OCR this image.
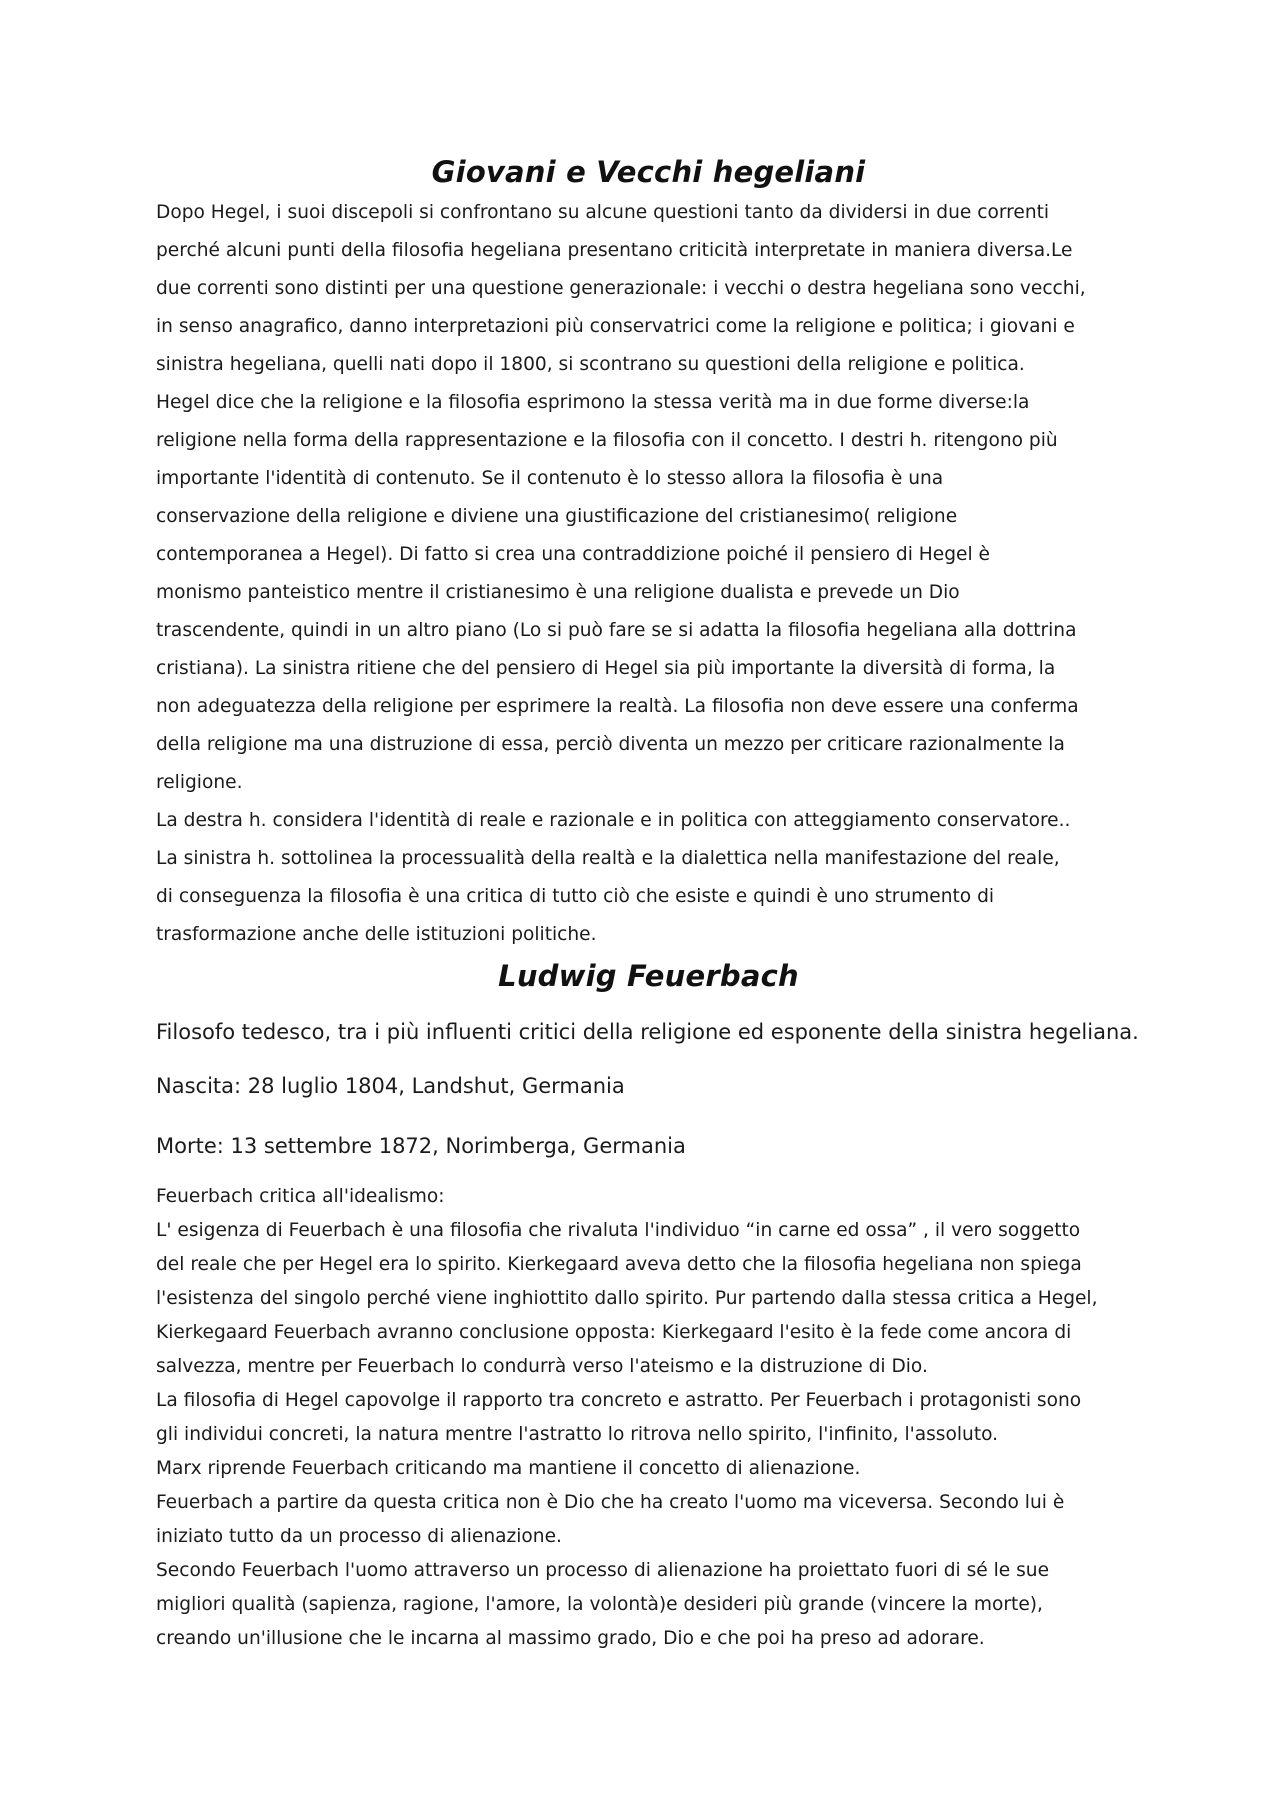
Giovani e Vecchi hegeliani
Dopo Hegel, i suoi discepoli si confrontano su alcune questioni tanto da dividersi in due correnti
perché alcuni punti della filosofia hegeliana presentano criticità interpretate in maniera diversa.Le
due correnti sono distinti per una questione generazionale: i vecchi o destra hegeliana sono vecchi,
in senso anagrafico, danno interpretazioni più conservatrici come la religione e politica; i giovani e
sinistra hegeliana, quelli nati dopo il 1800, si scontrano su questioni della religione e politica.
Hegel dice che la religione e la filosofia esprimono la stessa verità ma in due forme diverse:la
religione nella forma della rappresentazione e la filosofia con il concetto. I destri h. ritengono più
importante l'identità di contenuto. Se il contenuto è lo stesso allora la filosofia è una
conservazione della religione e diviene una giustificazione del cristianesimo( religione
contemporanea a Hegel). Di fatto si crea una contraddizione poiché il pensiero di Hegel è
monismo panteistico mentre il cristianesimo è una religione dualista e prevede un Dio
trascendente, quindi in un altro piano (Lo si può fare se si adatta la filosofia hegeliana alla dottrina
cristiana). La sinistra ritiene che del pensiero di Hegel sia più importante la diversità di forma, la
non adeguatezza della religione per esprimere la realtà. La filosofia non deve essere una conferma
della religione ma una distruzione di essa, perciò diventa un mezzo per criticare razionalmente la
religione.
La destra h. considera l'identità di reale e razionale e in politica con atteggiamento conservatore..
La sinistra h. sottolinea la processualità della realtà e la dialettica nella manifestazione del reale,
di conseguenza la filosofia è una critica di tutto ciò che esiste e quindi è uno strumento di
trasformazione anche delle istituzioni politiche.
Ludwig Feuerbach

Filosofo tedesco, tra i più influenti critici della religione ed esponente della sinistra hegeliana.

Nascita: 28 luglio 1804, Landshut, Germania

Morte: 13 settembre 1872, Norimberga, Germania

Feuerbach critica all'idealismo:
L' esigenza di Feuerbach è una filosofia che rivaluta l'individuo “in carne ed ossa” , il vero soggetto
del reale che per Hegel era lo spirito. Kierkegaard aveva detto che la filosofia hegeliana non spiega
l'esistenza del singolo perché viene inghiottito dallo spirito. Pur partendo dalla stessa critica a Hegel,
Kierkegaard Feuerbach avranno conclusione opposta: Kierkegaard l'esito è la fede come ancora di
salvezza, mentre per Feuerbach lo condurrà verso l'ateismo e la distruzione di Dio.
La filosofia di Hegel capovolge il rapporto tra concreto e astratto. Per Feuerbach i protagonisti sono
gli individui concreti, la natura mentre l'astratto lo ritrova nello spirito, l'infinito, l'assoluto.
Marx riprende Feuerbach criticando ma mantiene il concetto di alienazione.
Feuerbach a partire da questa critica non è Dio che ha creato l'uomo ma viceversa. Secondo lui è
iniziato tutto da un processo di alienazione.
Secondo Feuerbach l'uomo attraverso un processo di alienazione ha proiettato fuori di sé le sue
migliori qualità (sapienza, ragione, l'amore, la volontà)e desideri più grande (vincere la morte),
creando un'illusione che le incarna al massimo grado, Dio e che poi ha preso ad adorare.
